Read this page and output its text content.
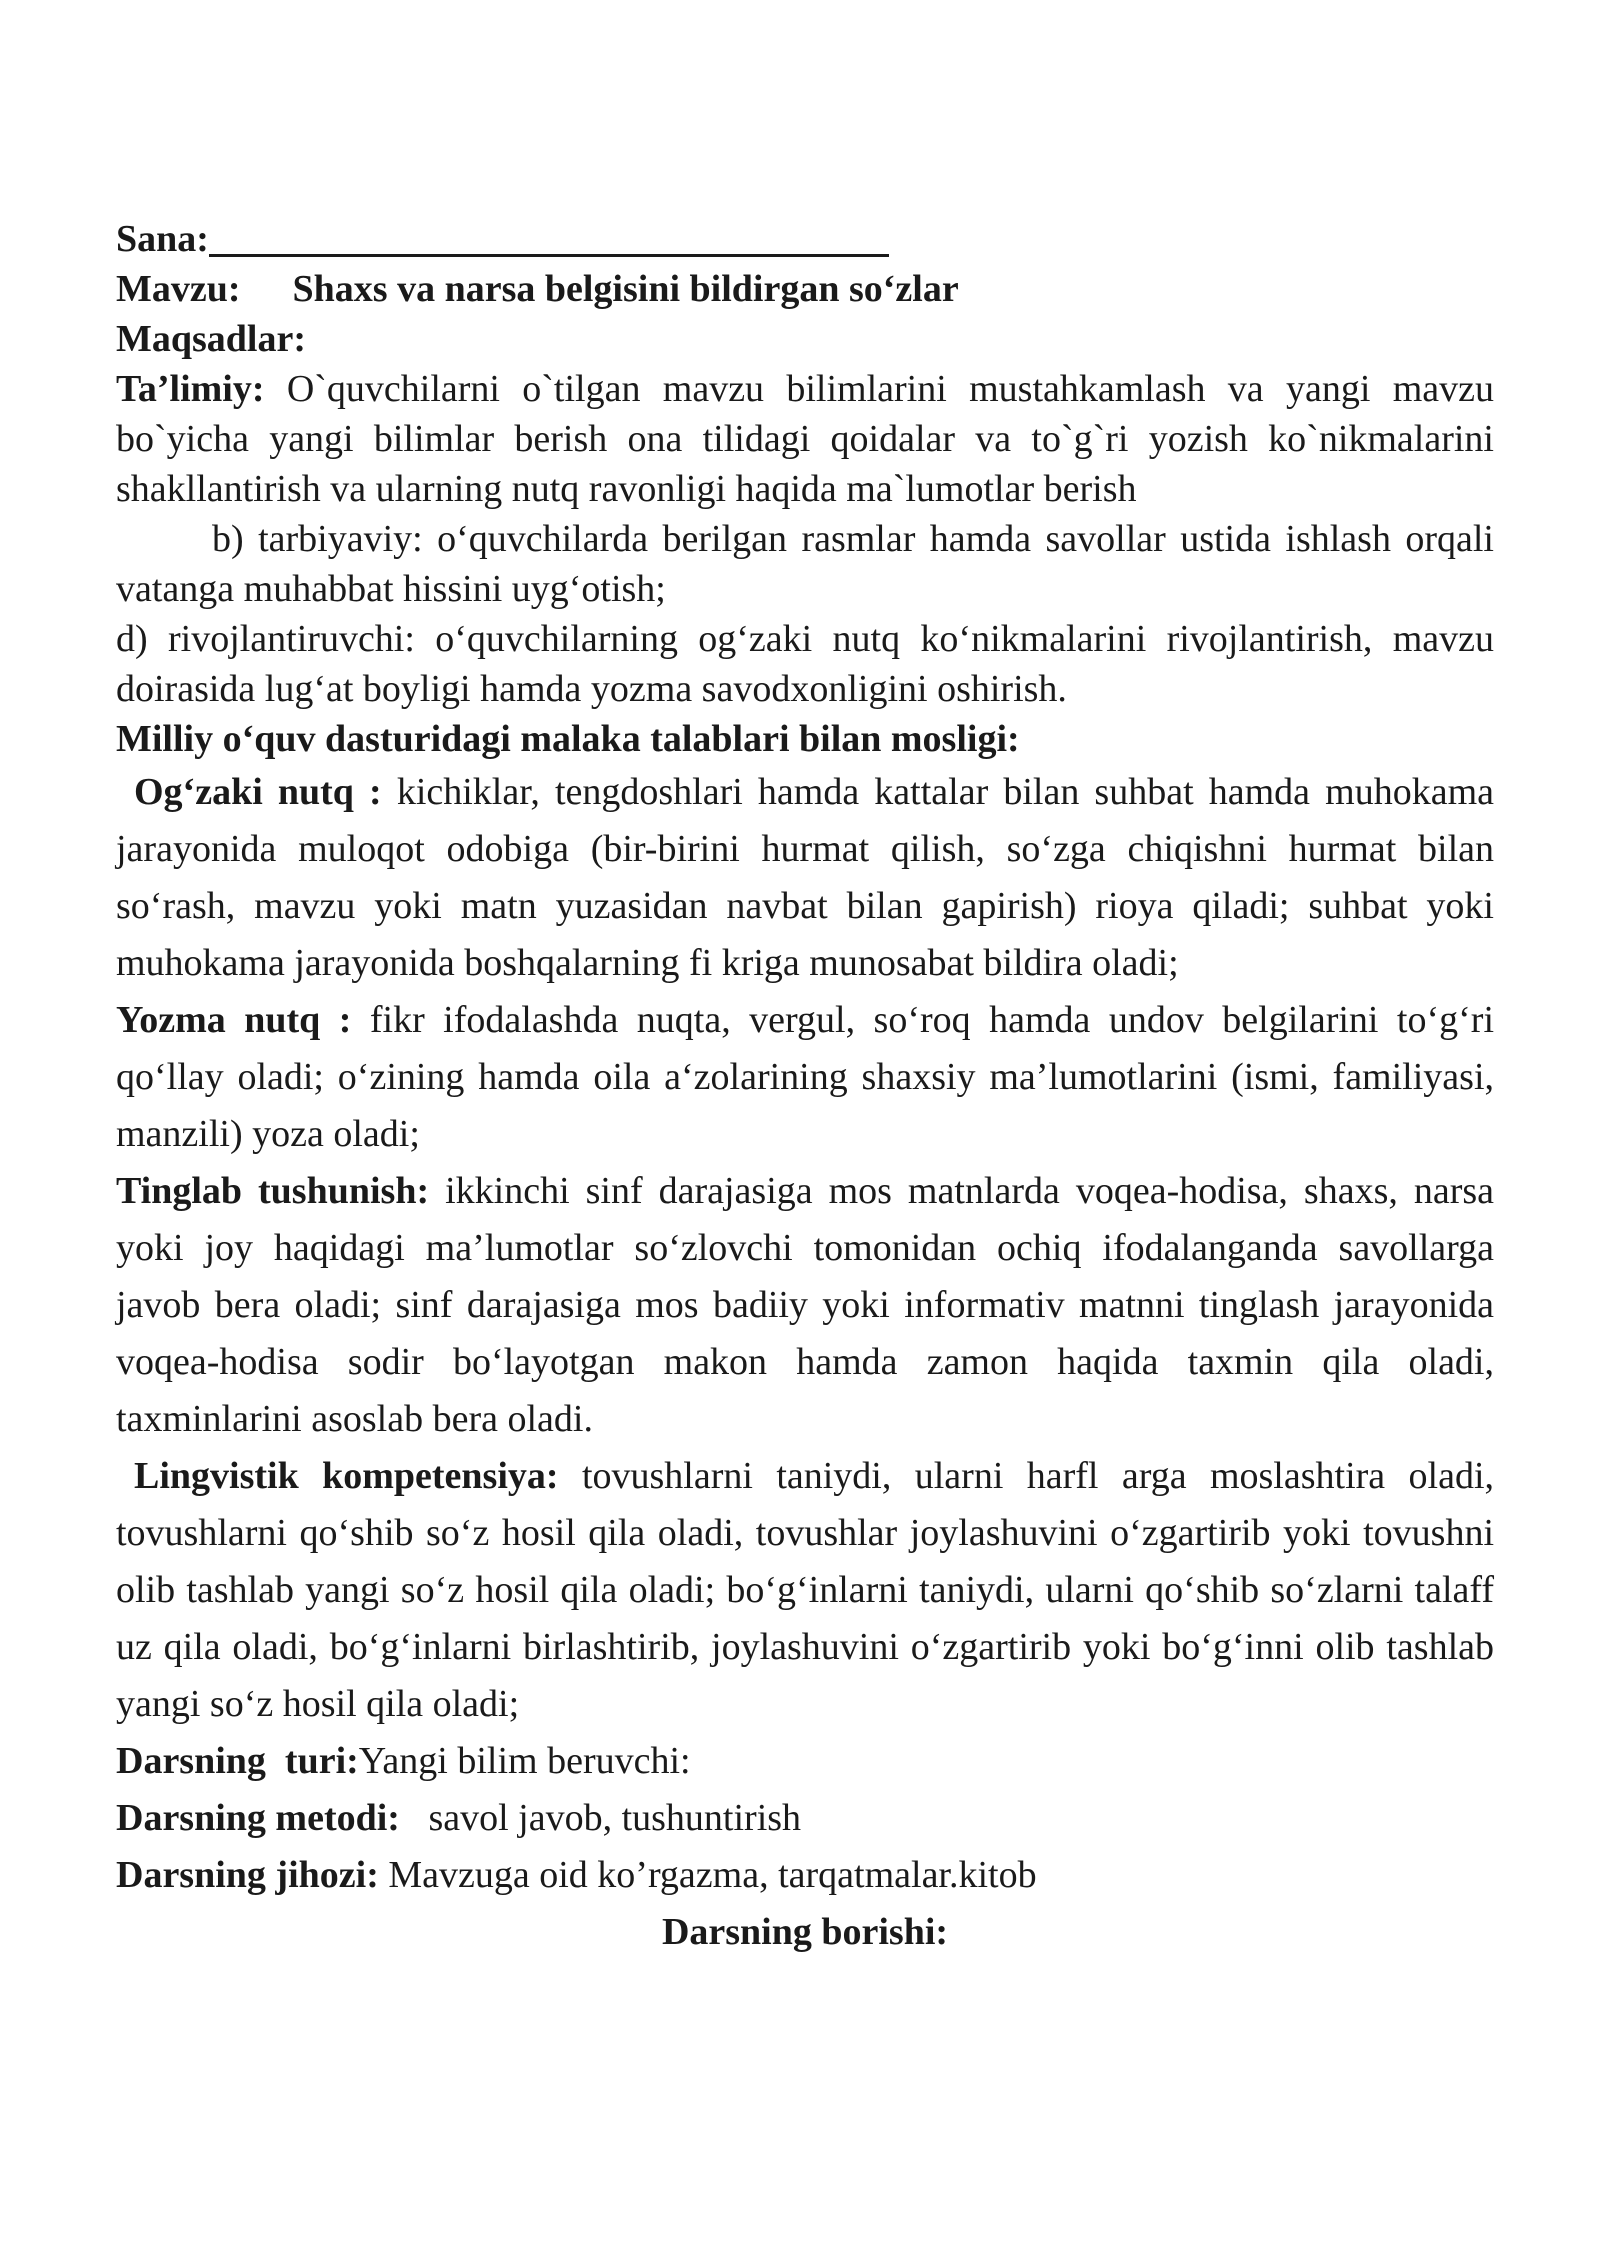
Sana:
Mavzu: Shaxs va narsa belgisini bildirgan so‘zlar
Maqsadlar:
Ta’limiy: O`quvchilarni o`tilgan mavzu bilimlarini mustahkamlash va yangi mavzu bo`yicha yangi bilimlar berish ona tilidagi qoidalar va to`g`ri yozish ko`nikmalarini shakllantirish va ularning nutq ravonligi haqida ma`lumotlar berish
b) tarbiyaviy: o‘quvchilarda berilgan rasmlar hamda savollar ustida ishlash orqali vatanga muhabbat hissini uyg‘otish;
d) rivojlantiruvchi: o‘quvchilarning og‘zaki nutq ko‘nikmalarini rivojlantirish, mavzu doirasida lug‘at boyligi hamda yozma savodxonligini oshirish.
Milliy o‘quv dasturidagi malaka talablari bilan mosligi:
Og‘zaki nutq : kichiklar, tengdoshlari hamda kattalar bilan suhbat hamda muhokama jarayonida muloqot odobiga (bir-birini hurmat qilish, so‘zga chiqishni hurmat bilan so‘rash, mavzu yoki matn yuzasidan navbat bilan gapirish) rioya qiladi; suhbat yoki muhokama jarayonida boshqalarning fi kriga munosabat bildira oladi;
Yozma nutq : fikr ifodalashda nuqta, vergul, so‘roq hamda undov belgilarini to‘g‘ri qo‘llay oladi; o‘zining hamda oila a‘zolarining shaxsiy ma’lumotlarini (ismi, familiyasi, manzili) yoza oladi;
Tinglab tushunish: ikkinchi sinf darajasiga mos matnlarda voqea-hodisa, shaxs, narsa yoki joy haqidagi ma’lumotlar so‘zlovchi tomonidan ochiq ifodalanganda savollarga javob bera oladi; sinf darajasiga mos badiiy yoki informativ matnni tinglash jarayonida voqea-hodisa sodir bo‘layotgan makon hamda zamon haqida taxmin qila oladi, taxminlarini asoslab bera oladi.
Lingvistik kompetensiya: tovushlarni taniydi, ularni harfl arga moslashtira oladi, tovushlarni qo‘shib so‘z hosil qila oladi, tovushlar joylashuvini o‘zgartirib yoki tovushni olib tashlab yangi so‘z hosil qila oladi; bo‘g‘inlarni taniydi, ularni qo‘shib so‘zlarni talaff uz qila oladi, bo‘g‘inlarni birlashtirib, joylashuvini o‘zgartirib yoki bo‘g‘inni olib tashlab yangi so‘z hosil qila oladi;
Darsning  turi:Yangi bilim beruvchi:
Darsning metodi: savol javob, tushuntirish
Darsning jihozi: Mavzuga oid ko’rgazma, tarqatmalar.kitob
Darsning borishi:
